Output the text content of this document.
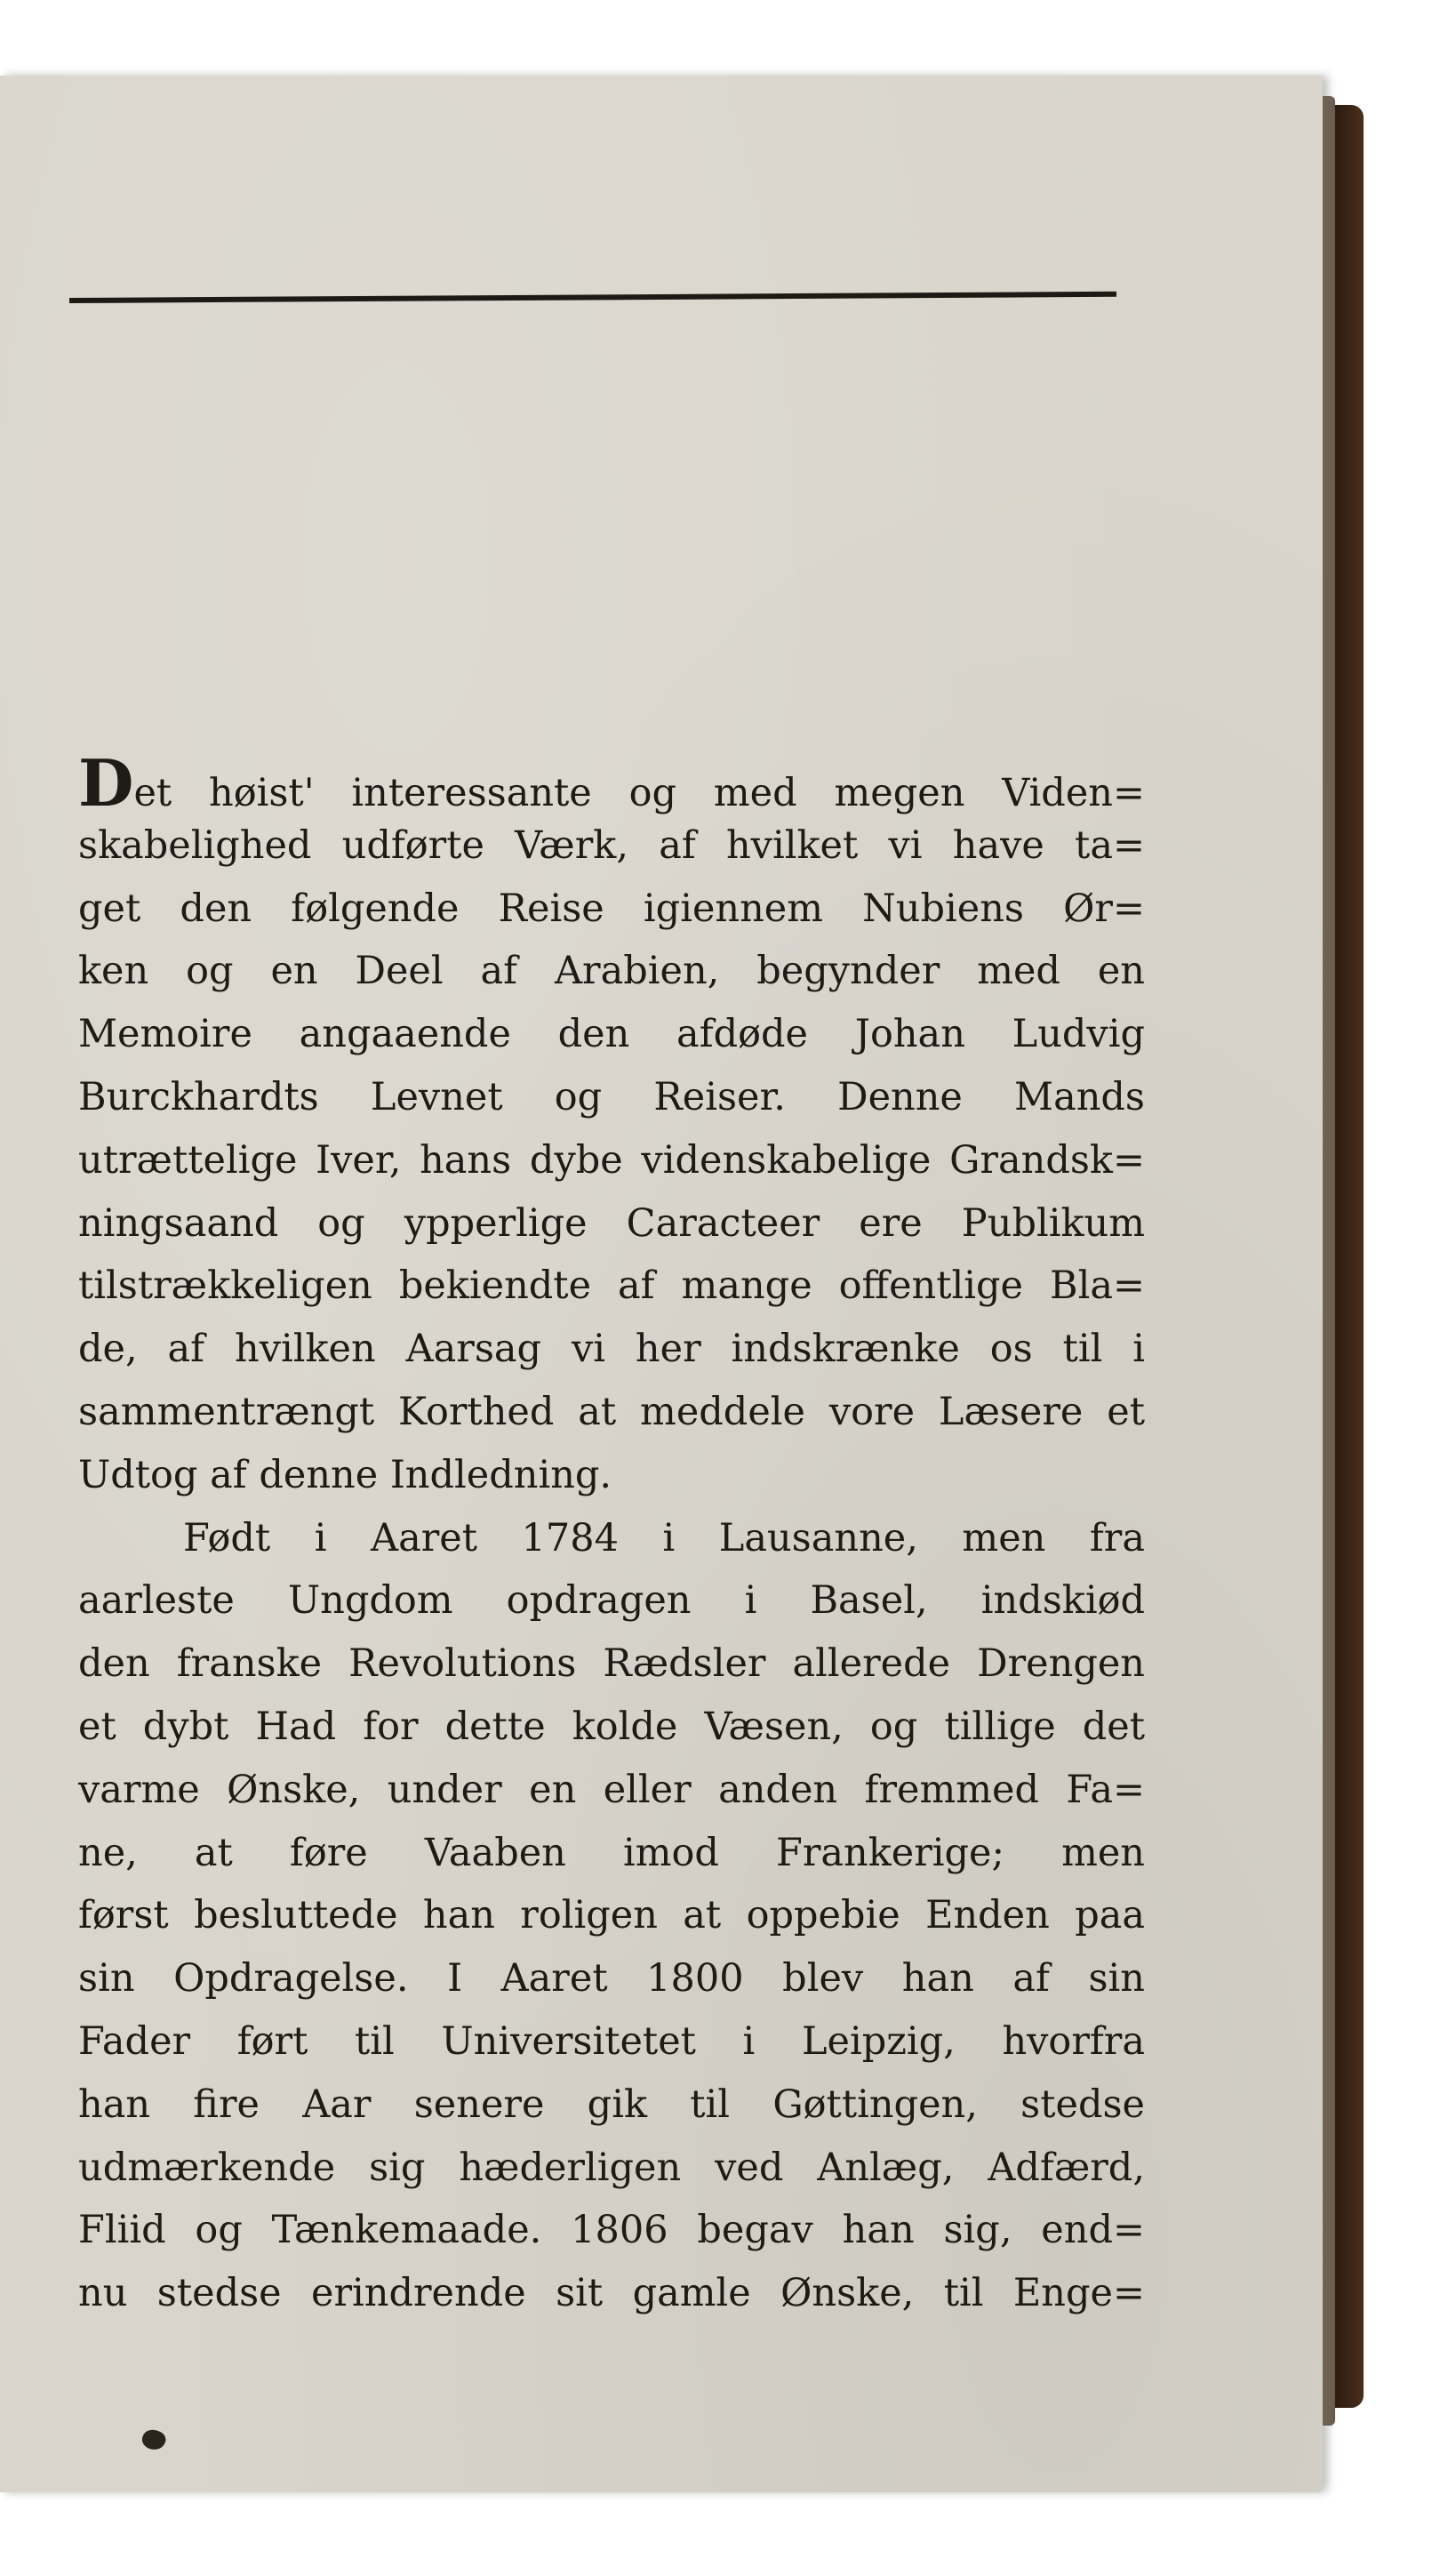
Det høist' interessante og med megen Viden=
skabelighed udførte Værk, af hvilket vi have ta=
get den følgende Reise igiennem Nubiens Ør=
ken og en Deel af Arabien, begynder med en
Memoire angaaende den afdøde Johan Ludvig
Burckhardts Levnet og Reiser. Denne Mands
utrættelige Iver, hans dybe videnskabelige Grandsk=
ningsaand og ypperlige Caracteer ere Publikum
tilstrækkeligen bekiendte af mange offentlige Bla=
de, af hvilken Aarsag vi her indskrænke os til i
sammentrængt Korthed at meddele vore Læsere et
Udtog af denne Indledning.
Født i Aaret 1784 i Lausanne, men fra
aarleste Ungdom opdragen i Basel, indskiød
den franske Revolutions Rædsler allerede Drengen
et dybt Had for dette kolde Væsen, og tillige det
varme Ønske, under en eller anden fremmed Fa=
ne, at føre Vaaben imod Frankerige; men
først besluttede han roligen at oppebie Enden paa
sin Opdragelse. I Aaret 1800 blev han af sin
Fader ført til Universitetet i Leipzig, hvorfra
han fire Aar senere gik til Gøttingen, stedse
udmærkende sig hæderligen ved Anlæg, Adfærd,
Fliid og Tænkemaade. 1806 begav han sig, end=
nu stedse erindrende sit gamle Ønske, til Enge=
